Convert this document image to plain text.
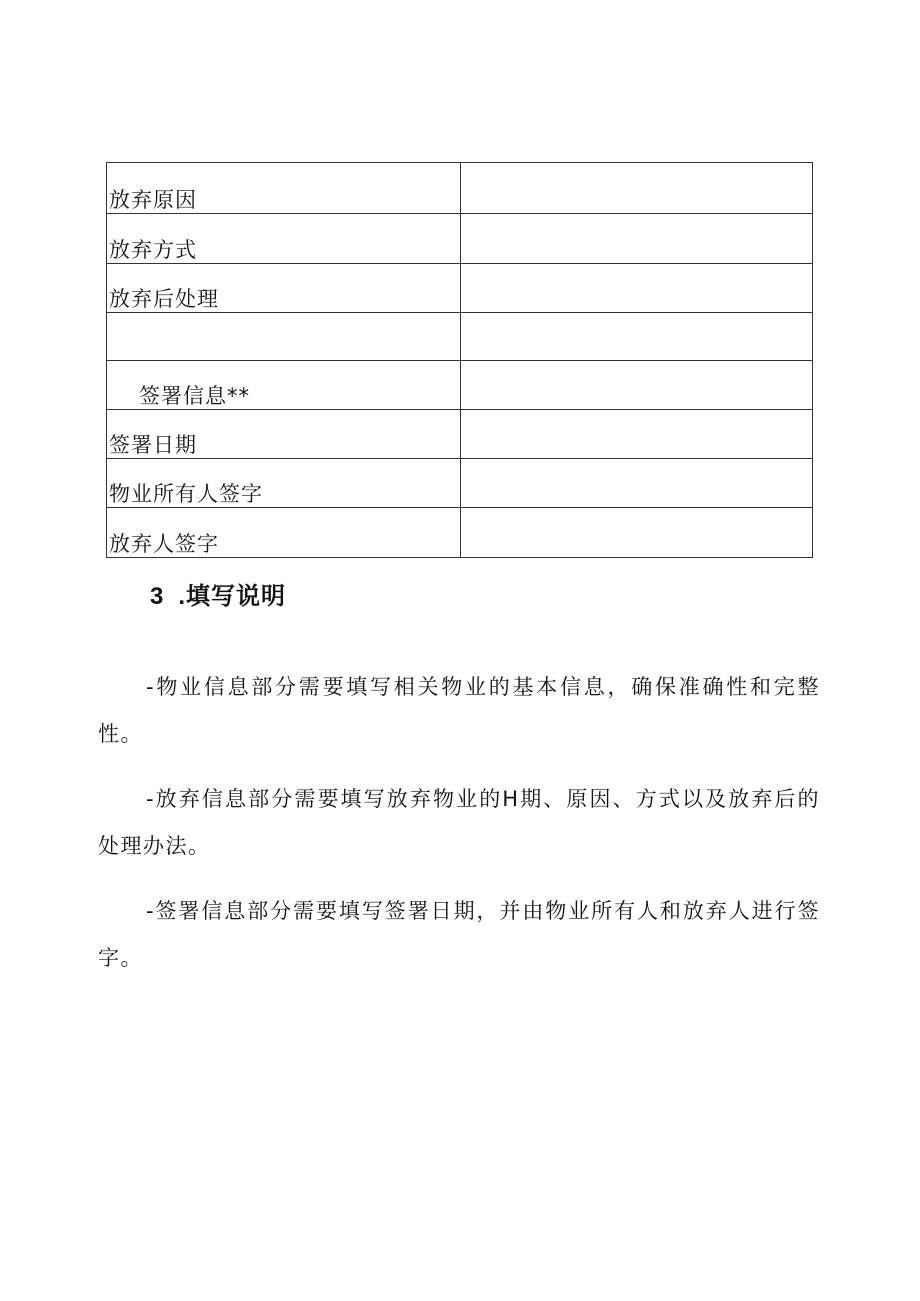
放弃原因	
放弃方式	
放弃后处理	

签署信息**	
签署日期	
物业所有人签字	
放弃人签字	
3 .填写说明

-物业信息部分需要填写相关物业的基本信息，确保准确性和完整性。

-放弃信息部分需要填写放弃物业的H期、原因、方式以及放弃后的处理办法。

-签署信息部分需要填写签署日期，并由物业所有人和放弃人进行签字。
